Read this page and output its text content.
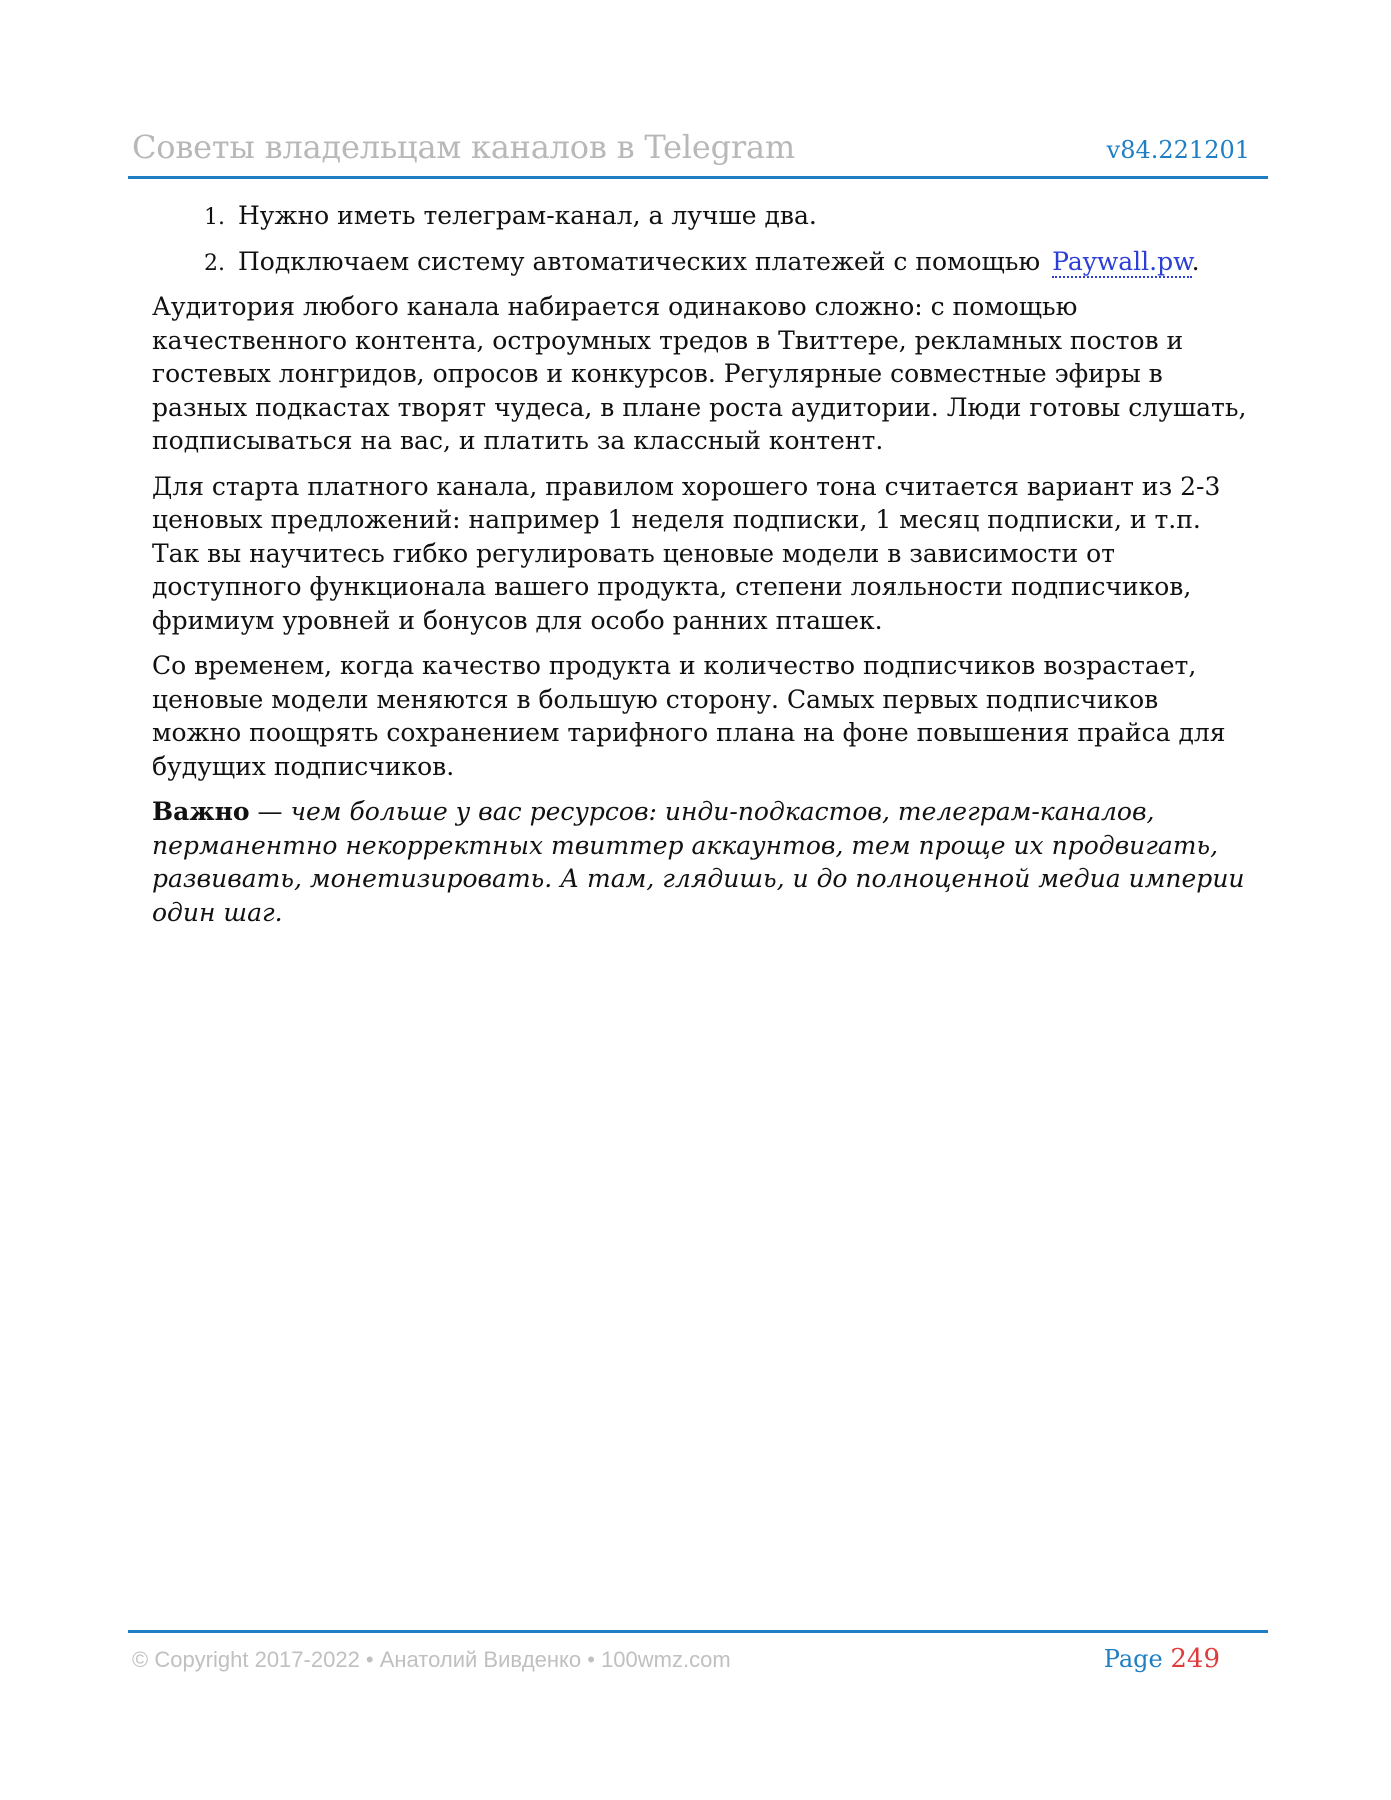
Советы владельцам каналов в Telegram	v84.221201
1. Нужно иметь телеграм-канал, а лучше два.
2. Подключаем систему автоматических платежей с помощью Paywall.pw.

Аудитория любого канала набирается одинаково сложно: с помощью качественного контента, остроумных тредов в Твиттере, рекламных постов и гостевых лонгридов, опросов и конкурсов. Регулярные совместные эфиры в разных подкастах творят чудеса, в плане роста аудитории. Люди готовы слушать, подписываться на вас, и платить за классный контент.

Для старта платного канала, правилом хорошего тона считается вариант из 2-3 ценовых предложений: например 1 неделя подписки, 1 месяц подписки, и т.п. Так вы научитесь гибко регулировать ценовые модели в зависимости от доступного функционала вашего продукта, степени лояльности подписчиков, фримиум уровней и бонусов для особо ранних пташек.

Со временем, когда качество продукта и количество подписчиков возрастает, ценовые модели меняются в большую сторону. Самых первых подписчиков можно поощрять сохранением тарифного плана на фоне повышения прайса для будущих подписчиков.

Важно — чем больше у вас ресурсов: инди-подкастов, телеграм-каналов, перманентно некорректных твиттер аккаунтов, тем проще их продвигать, развивать, монетизировать. А там, глядишь, и до полноценной медиа империи один шаг.

© Copyright 2017-2022 • Анатолий Вивденко • 100wmz.com	Page 249
